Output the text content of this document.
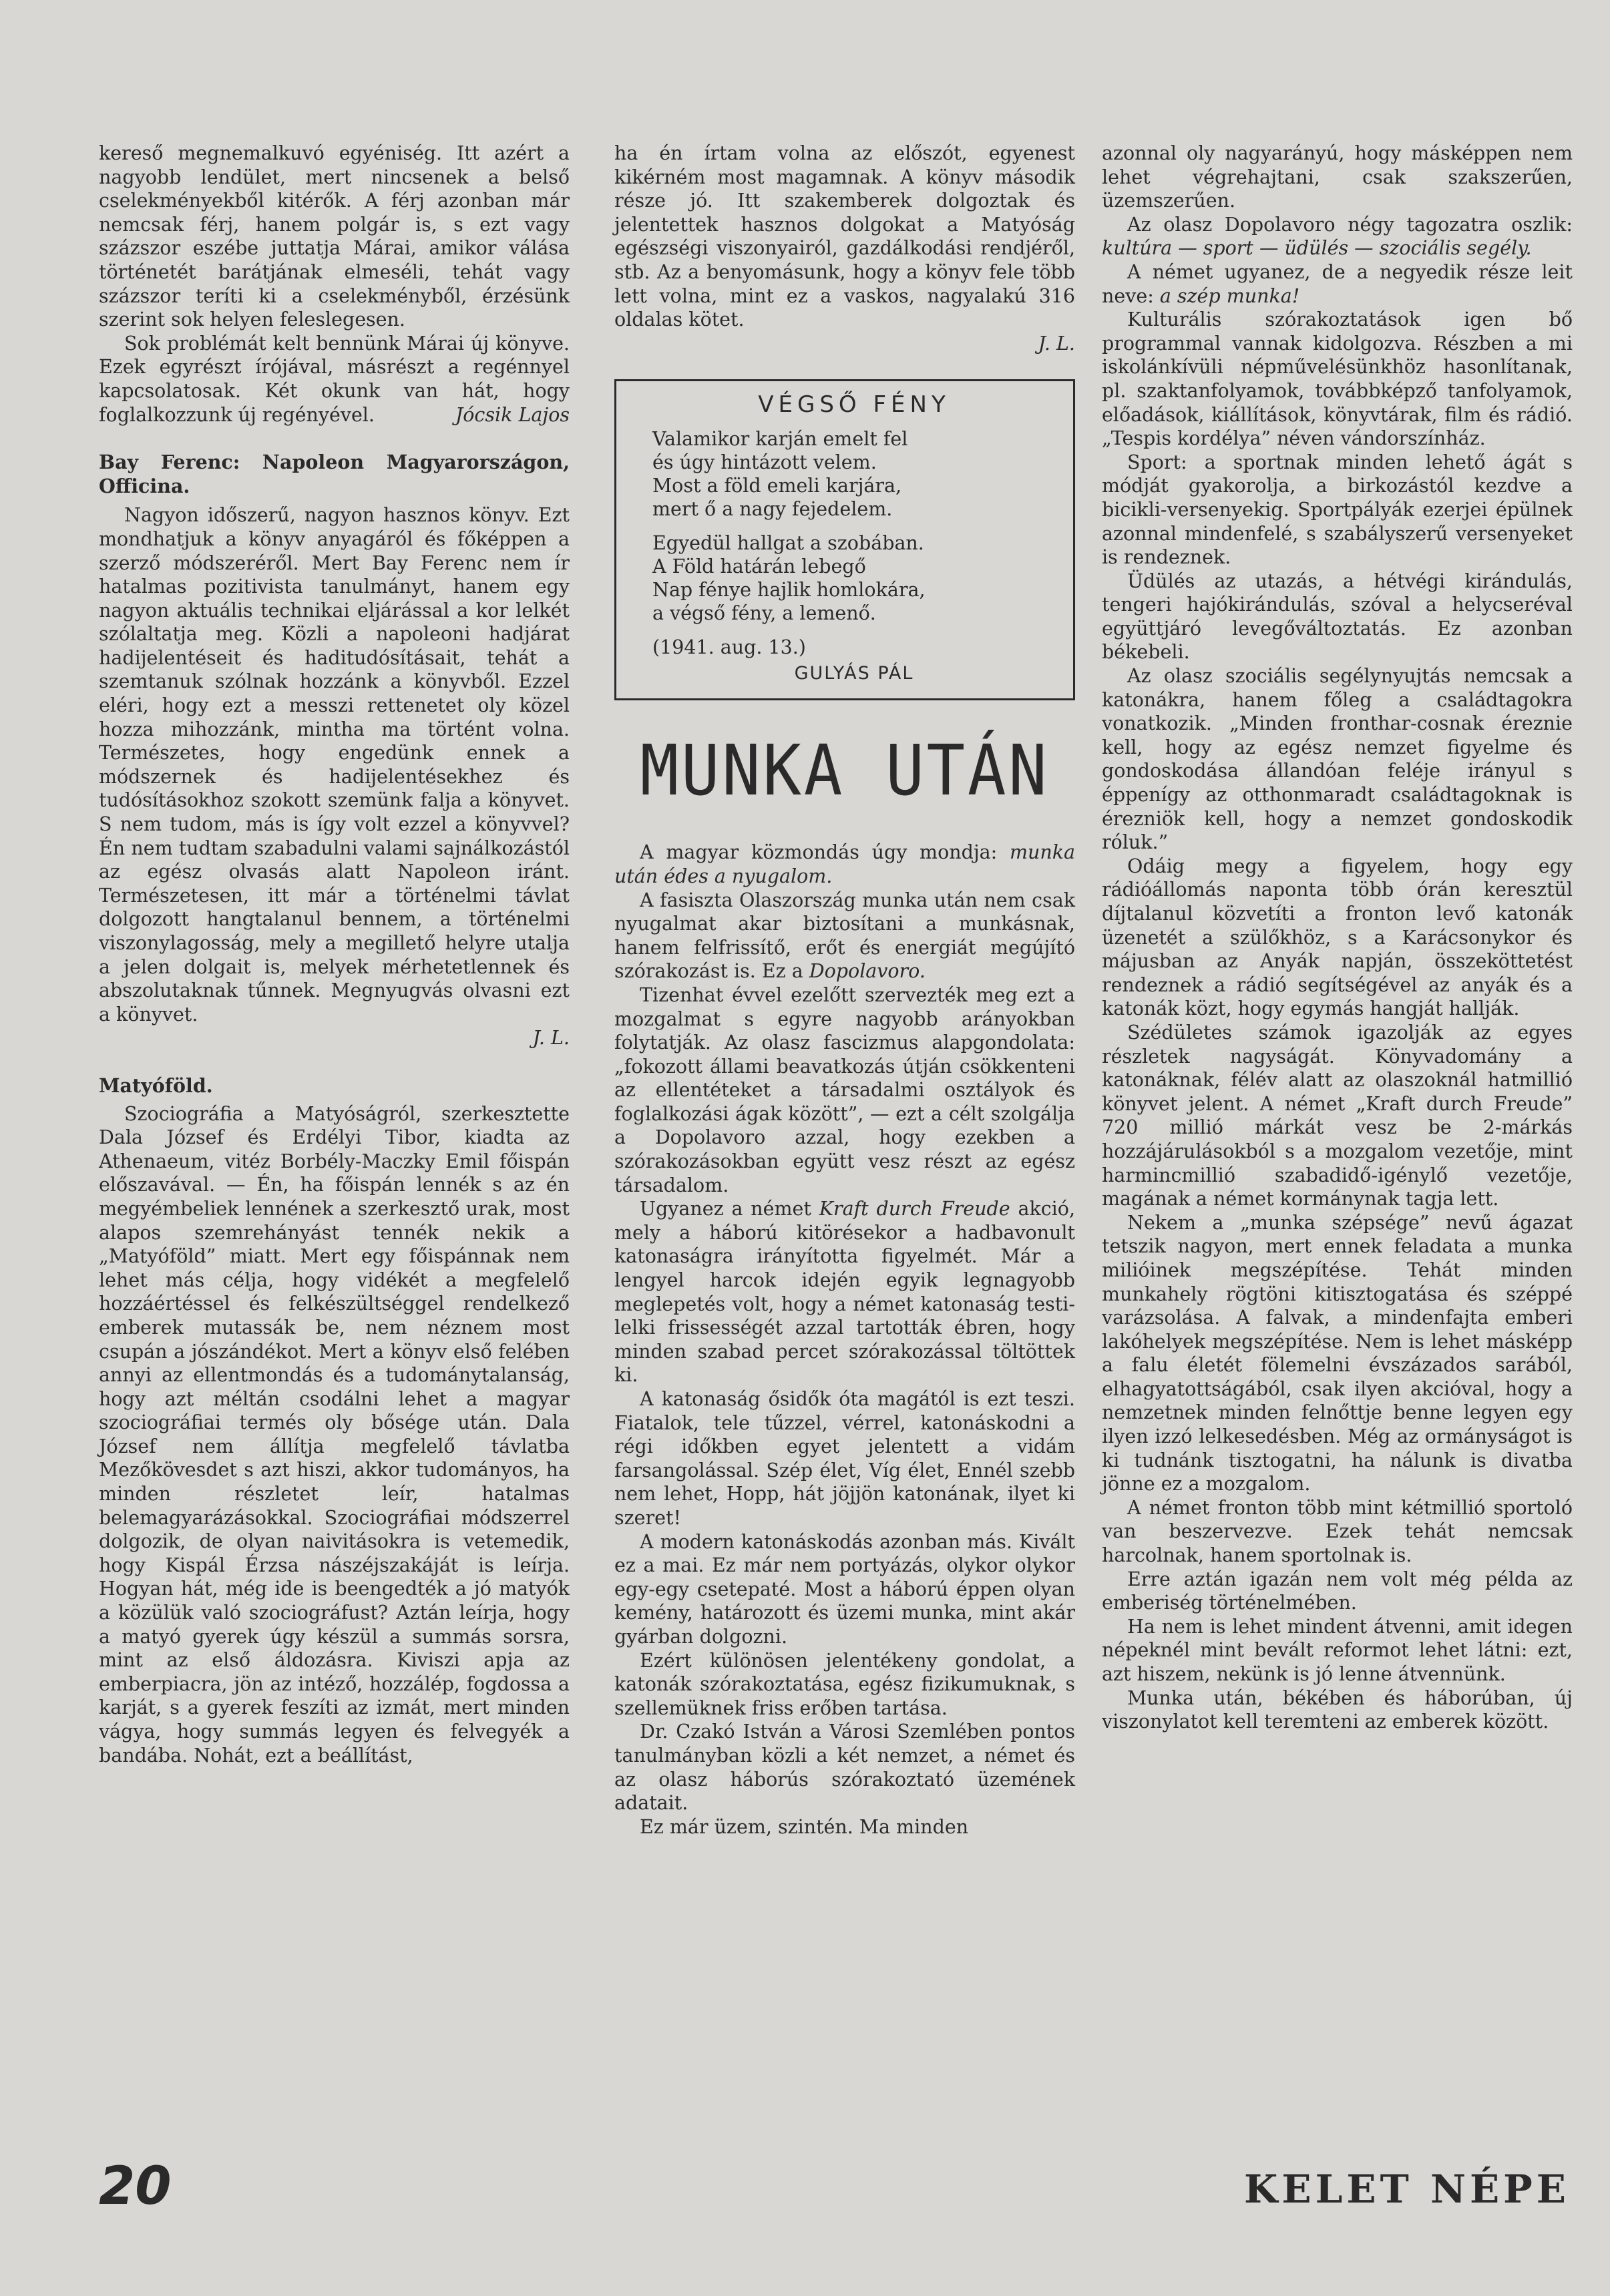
kereső megnemalkuvó egyéniség. Itt azért a nagyobb lendület, mert nincsenek a belső cselekményekből kitérők. A férj azonban már nemcsak férj, hanem polgár is, s ezt vagy százszor eszébe juttatja Márai, amikor válása történetét barátjának elmeséli, tehát vagy százszor teríti ki a cselekményből, érzésünk szerint sok helyen feleslegesen.

Sok problémát kelt bennünk Márai új könyve. Ezek egyrészt írójával, másrészt a regénnyel kapcsolatosak. Két okunk van hát, hogy foglalkozzunk új regényével.	Jócsik Lajos

Bay Ferenc: Napoleon Magyarországon, Officina.

Nagyon időszerű, nagyon hasznos könyv. Ezt mondhatjuk a könyv anyagáról és főképpen a szerző módszeréről. Mert Bay Ferenc nem ír hatalmas pozitivista tanulmányt, hanem egy nagyon aktuális technikai eljárással a kor lelkét szólaltatja meg. Közli a napoleoni hadjárat hadijelentéseit és haditudósításait, tehát a szemtanuk szólnak hozzánk a könyvből. Ezzel eléri, hogy ezt a messzi rettenetet oly közel hozza mihozzánk, mintha ma történt volna. Természetes, hogy engedünk ennek a módszernek és hadijelentésekhez és tudósításokhoz szokott szemünk falja a könyvet. S nem tudom, más is így volt ezzel a könyvvel? Én nem tudtam szabadulni valami sajnálkozástól az egész olvasás alatt Napoleon iránt. Természetesen, itt már a történelmi távlat dolgozott hangtalanul bennem, a történelmi viszonylagosság, mely a megillető helyre utalja a jelen dolgait is, melyek mérhetetlennek és abszolutaknak tűnnek. Megnyugvás olvasni ezt a könyvet.

J. L.

Matyóföld.

Szociográfia a Matyóságról, szerkesztette Dala József és Erdélyi Tibor, kiadta az Athenaeum, vitéz Borbély-Maczky Emil főispán előszavával. — Én, ha főispán lennék s az én megyémbeliek lennének a szerkesztő urak, most alapos szemrehányást tennék nekik a „Matyóföld” miatt. Mert egy főispánnak nem lehet más célja, hogy vidékét a megfelelő hozzáértéssel és felkészültséggel rendelkező emberek mutassák be, nem néznem most csupán a jószándékot. Mert a könyv első felében annyi az ellentmondás és a tudománytalanság, hogy azt méltán csodálni lehet a magyar szociográfiai termés oly bősége után. Dala József nem állítja megfelelő távlatba Mezőkövesdet s azt hiszi, akkor tudományos, ha minden részletet leír, hatalmas belemagyarázásokkal. Szociográfiai módszerrel dolgozik, de olyan naivitásokra is vetemedik, hogy Kispál Érzsa nászéjszakáját is leírja. Hogyan hát, még ide is beengedték a jó matyók a közülük való szociográfust? Aztán leírja, hogy a matyó gyerek úgy készül a summás sorsra, mint az első áldozásra. Kiviszi apja az emberpiacra, jön az intéző, hozzálép, fogdossa a karját, s a gyerek feszíti az izmát, mert minden vágya, hogy summás legyen és felvegyék a bandába. Nohát, ezt a beállítást,

ha én írtam volna az előszót, egyenest kikérném most magamnak. A könyv második része jó. Itt szakemberek dolgoztak és jelentettek hasznos dolgokat a Matyóság egészségi viszonyairól, gazdálkodási rendjéről, stb. Az a benyomásunk, hogy a könyv fele több lett volna, mint ez a vaskos, nagyalakú 316 oldalas kötet.

J. L.
VÉGSŐ FÉNY
Valamikor karján emelt fel
és úgy hintázott velem.
Most a föld emeli karjára,
mert ő a nagy fejedelem.
Egyedül hallgat a szobában.
A Föld határán lebegő
Nap fénye hajlik homlokára,
a végső fény, a lemenő.
(1941. aug. 13.)
GULYÁS PÁL
MUNKA UTÁN

A magyar közmondás úgy mondja: munka után édes a nyugalom.

A fasiszta Olaszország munka után nem csak nyugalmat akar biztosítani a munkásnak, hanem felfrissítő, erőt és energiát megújító szórakozást is. Ez a Dopolavoro.

Tizenhat évvel ezelőtt szervezték meg ezt a mozgalmat s egyre nagyobb arányokban folytatják. Az olasz fascizmus alapgondolata: „fokozott állami beavatkozás útján csökkenteni az ellentéteket a társadalmi osztályok és foglalkozási ágak között”, — ezt a célt szolgálja a Dopolavoro azzal, hogy ezekben a szórakozásokban együtt vesz részt az egész társadalom.

Ugyanez a német Kraft durch Freude akció, mely a háború kitörésekor a hadbavonult katonaságra irányította figyelmét. Már a lengyel harcok idején egyik legnagyobb meglepetés volt, hogy a német katonaság testi-lelki frissességét azzal tartották ébren, hogy minden szabad percet szórakozással töltöttek ki.

A katonaság ősidők óta magától is ezt teszi. Fiatalok, tele tűzzel, vérrel, katonáskodni a régi időkben egyet jelentett a vidám farsangolással. Szép élet, Víg élet, Ennél szebb nem lehet, Hopp, hát jöjjön katonának, ilyet ki szeret!

A modern katonáskodás azonban más. Kivált ez a mai. Ez már nem portyázás, olykor olykor egy-egy csetepaté. Most a háború éppen olyan kemény, határozott és üzemi munka, mint akár gyárban dolgozni.

Ezért különösen jelentékeny gondolat, a katonák szórakoztatása, egész fizikumuknak, s szellemüknek friss erőben tartása.

Dr. Czakó István a Városi Szemlében pontos tanulmányban közli a két nemzet, a német és az olasz háborús szórakoztató üzemének adatait.

Ez már üzem, szintén. Ma minden

azonnal oly nagyarányú, hogy másképpen nem lehet végrehajtani, csak szakszerűen, üzemszerűen.

Az olasz Dopolavoro négy tagozatra oszlik: kultúra — sport — üdülés — szociális segély.

A német ugyanez, de a negyedik része leit neve: a szép munka!

Kulturális szórakoztatások igen bő programmal vannak kidolgozva. Részben a mi iskolánkívüli népművelésünkhöz hasonlítanak, pl. szaktanfolyamok, továbbképző tanfolyamok, előadások, kiállítások, könyvtárak, film és rádió. „Tespis kordélya” néven vándorszínház.

Sport: a sportnak minden lehető ágát s módját gyakorolja, a birkozástól kezdve a bicikli-versenyekig. Sportpályák ezerjei épülnek azonnal mindenfelé, s szabályszerű versenyeket is rendeznek.

Üdülés az utazás, a hétvégi kirándulás, tengeri hajókirándulás, szóval a helycseréval együttjáró levegőváltoztatás. Ez azonban békebeli.

Az olasz szociális segélynyujtás nemcsak a katonákra, hanem főleg a családtagokra vonatkozik. „Minden fronthar-cosnak éreznie kell, hogy az egész nemzet figyelme és gondoskodása állandóan feléje irányul s éppenígy az otthonmaradt családtagoknak is érezniök kell, hogy a nemzet gondoskodik róluk.”

Odáig megy a figyelem, hogy egy rádióállomás naponta több órán keresztül díjtalanul közvetíti a fronton levő katonák üzenetét a szülőkhöz, s a Karácsonykor és májusban az Anyák napján, összeköttetést rendeznek a rádió segítségével az anyák és a katonák közt, hogy egymás hangját hallják.

Szédületes számok igazolják az egyes részletek nagyságát. Könyvadomány a katonáknak, félév alatt az olaszoknál hatmillió könyvet jelent. A német „Kraft durch Freude” 720 millió márkát vesz be 2-márkás hozzájárulásokból s a mozgalom vezetője, mint harmincmillió szabadidő-igénylő vezetője, magának a német kormánynak tagja lett.

Nekem a „munka szépsége” nevű ágazat tetszik nagyon, mert ennek feladata a munka milióinek megszépítése. Tehát minden munkahely rögtöni kitisztogatása és széppé varázsolása. A falvak, a mindenfajta emberi lakóhelyek megszépítése. Nem is lehet másképp a falu életét fölemelni évszázados sarából, elhagyatottságából, csak ilyen akcióval, hogy a nemzetnek minden felnőttje benne legyen egy ilyen izzó lelkesedésben. Még az ormányságot is ki tudnánk tisztogatni, ha nálunk is divatba jönne ez a mozgalom.

A német fronton több mint kétmillió sportoló van beszervezve. Ezek tehát nemcsak harcolnak, hanem sportolnak is.

Erre aztán igazán nem volt még példa az emberiség történelmében.

Ha nem is lehet mindent átvenni, amit idegen népeknél mint bevált reformot lehet látni: ezt, azt hiszem, nekünk is jó lenne átvennünk.

Munka után, békében és háborúban, új viszonylatot kell teremteni az emberek között.

20	KELET NÉPE
